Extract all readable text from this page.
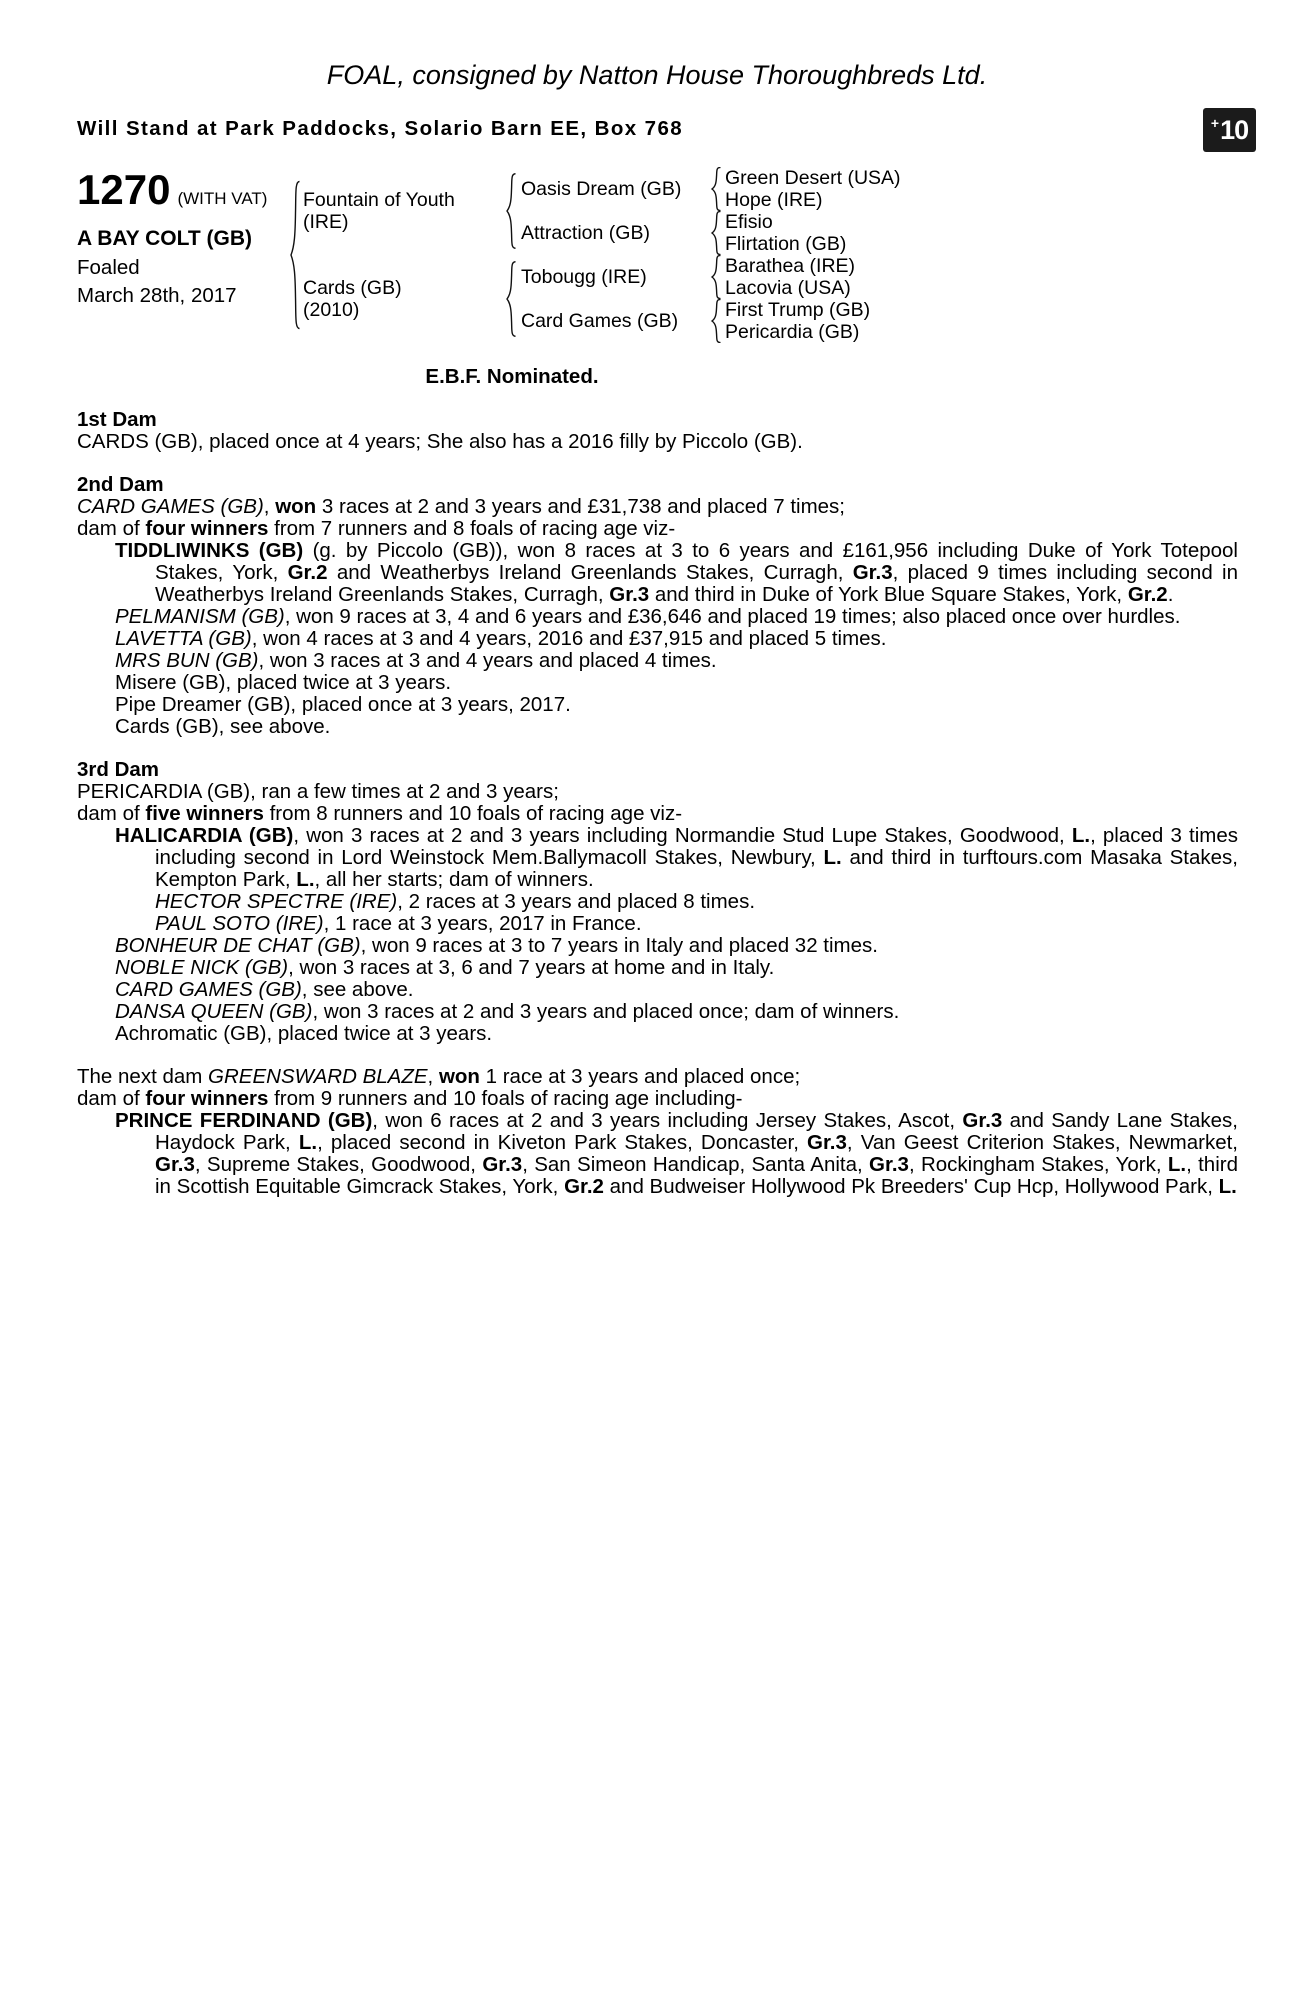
FOAL, consigned by Natton House Thoroughbreds Ltd.
Will Stand at Park Paddocks, Solario Barn EE, Box 768	+ 10
1270 (WITH VAT)
A BAY COLT (GB)
Foaled
March 28th, 2017
Fountain of Youth
(IRE)
Cards (GB)
(2010)
Oasis Dream (GB)
Attraction (GB)
Tobougg (IRE)
Card Games (GB)
Green Desert (USA)
Hope (IRE)
Efisio
Flirtation (GB)
Barathea (IRE)
Lacovia (USA)
First Trump (GB)
Pericardia (GB)
E.B.F. Nominated.
1st Dam

CARDS (GB), placed once at 4 years; She also has a 2016 filly by Piccolo (GB).

2nd Dam

CARD GAMES (GB), won 3 races at 2 and 3 years and £31,738 and placed 7 times;

dam of four winners from 7 runners and 8 foals of racing age viz-

TIDDLIWINKS (GB) (g. by Piccolo (GB)), won 8 races at 3 to 6 years and £161,956 including Duke of York Totepool Stakes, York, Gr.2 and Weatherbys Ireland Greenlands Stakes, Curragh, Gr.3, placed 9 times including second in Weatherbys Ireland Greenlands Stakes, Curragh, Gr.3 and third in Duke of York Blue Square Stakes, York, Gr.2.

PELMANISM (GB), won 9 races at 3, 4 and 6 years and £36,646 and placed 19 times; also placed once over hurdles.

LAVETTA (GB), won 4 races at 3 and 4 years, 2016 and £37,915 and placed 5 times.

MRS BUN (GB), won 3 races at 3 and 4 years and placed 4 times.

Misere (GB), placed twice at 3 years.

Pipe Dreamer (GB), placed once at 3 years, 2017.

Cards (GB), see above.

3rd Dam

PERICARDIA (GB), ran a few times at 2 and 3 years;

dam of five winners from 8 runners and 10 foals of racing age viz-

HALICARDIA (GB), won 3 races at 2 and 3 years including Normandie Stud Lupe Stakes, Goodwood, L., placed 3 times including second in Lord Weinstock Mem.Ballymacoll Stakes, Newbury, L. and third in turftours.com Masaka Stakes, Kempton Park, L., all her starts; dam of winners.

HECTOR SPECTRE (IRE), 2 races at 3 years and placed 8 times.

PAUL SOTO (IRE), 1 race at 3 years, 2017 in France.

BONHEUR DE CHAT (GB), won 9 races at 3 to 7 years in Italy and placed 32 times.

NOBLE NICK (GB), won 3 races at 3, 6 and 7 years at home and in Italy.

CARD GAMES (GB), see above.

DANSA QUEEN (GB), won 3 races at 2 and 3 years and placed once; dam of winners.

Achromatic (GB), placed twice at 3 years.

The next dam GREENSWARD BLAZE, won 1 race at 3 years and placed once;

dam of four winners from 9 runners and 10 foals of racing age including-

PRINCE FERDINAND (GB), won 6 races at 2 and 3 years including Jersey Stakes, Ascot, Gr.3 and Sandy Lane Stakes, Haydock Park, L., placed second in Kiveton Park Stakes, Doncaster, Gr.3, Van Geest Criterion Stakes, Newmarket, Gr.3, Supreme Stakes, Goodwood, Gr.3, San Simeon Handicap, Santa Anita, Gr.3, Rockingham Stakes, York, L., third in Scottish Equitable Gimcrack Stakes, York, Gr.2 and Budweiser Hollywood Pk Breeders' Cup Hcp, Hollywood Park, L.
